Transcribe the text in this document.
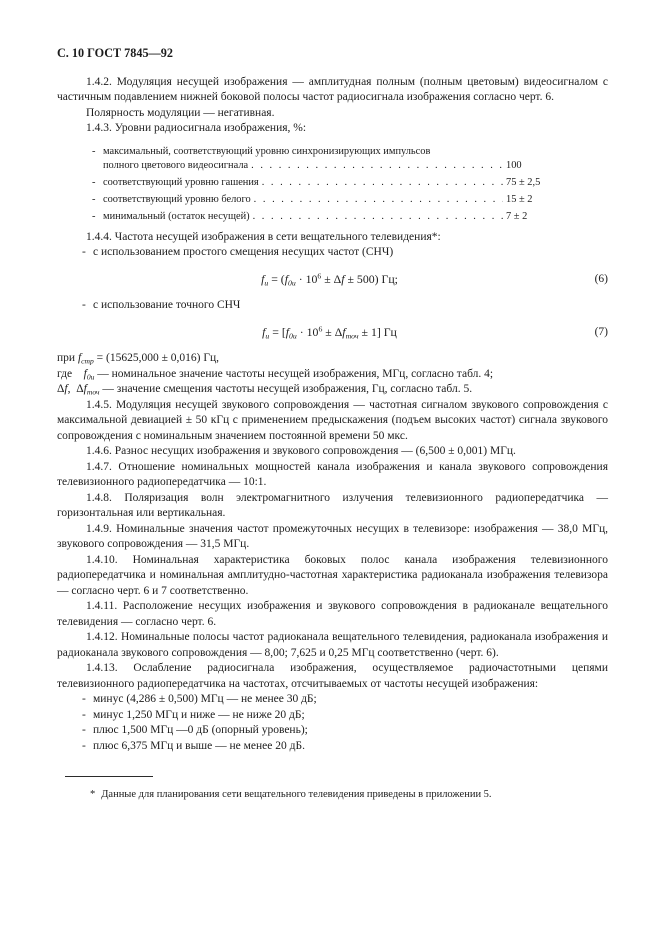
С. 10 ГОСТ 7845—92

1.4.2. Модуляция несущей изображения — амплитудная полным (полным цветовым) видеосигналом с частичным подавлением нижней боковой полосы частот радиосигнала изображения согласно черт. 6.

Полярность модуляции — негативная.

1.4.3. Уровни радиосигнала изображения, %:

- максимальный, соответствующий уровню синхронизирующих импульсов
полного цветового видеосигнала . . .	100
- соответствующий уровню гашения . . .	75 ± 2,5
- соответствующий уровню белого . . .	15 ± 2
- минимальный (остаток несущей) . . .	7 ± 2

1.4.4. Частота несущей изображения в сети вещательного телевидения*:

- с использованием простого смещения несущих частот (СНЧ)
$f_и = (f_{0и} \cdot 10^6 \pm \Delta f \pm 500)$ Гц;	(6)
- с использование точного СНЧ
$f_и = [f_{0и} \cdot 10^6 \pm \Delta f_{точ} \pm 1]$ Гц	(7)

при $f_{стр} = (15625,000 \pm 0,016)$ Гц,

где    $f_{0и}$ — номинальное значение частоты несущей изображения, МГц, согласно табл. 4;

Δf,  $\Delta f_{точ}$ — значение смещения частоты несущей изображения, Гц, согласно табл. 5.

1.4.5. Модуляция несущей звукового сопровождения — частотная сигналом звукового сопровождения с максимальной девиацией ± 50 кГц с применением предыскажения (подъем высоких частот) сигнала звукового сопровождения с номинальным значением постоянной времени 50 мкс.

1.4.6. Разнос несущих изображения и звукового сопровождения — (6,500 ± 0,001) МГц.

1.4.7. Отношение номинальных мощностей канала изображения и канала звукового сопровождения телевизионного радиопередатчика — 10:1.

1.4.8. Поляризация волн электромагнитного излучения телевизионного радиопередатчика — горизонтальная или вертикальная.

1.4.9. Номинальные значения частот промежуточных несущих в телевизоре: изображения — 38,0 МГц, звукового сопровождения — 31,5 МГц.

1.4.10. Номинальная характеристика боковых полос канала изображения телевизионного радиопередатчика и номинальная амплитудно-частотная характеристика радиоканала изображения телевизора — согласно черт. 6 и 7 соответственно.

1.4.11. Расположение несущих изображения и звукового сопровождения в радиоканале вещательного телевидения — согласно черт. 6.

1.4.12. Номинальные полосы частот радиоканала вещательного телевидения, радиоканала изображения и радиоканала звукового сопровождения — 8,00; 7,625 и 0,25 МГц соответственно (черт. 6).

1.4.13. Ослабление радиосигнала изображения, осуществляемое радиочастотными цепями телевизионного радиопередатчика на частотах, отсчитываемых от частоты несущей изображения:

- минус (4,286 ± 0,500) МГц — не менее 30 дБ;
- минус 1,250 МГц и ниже — не ниже 20 дБ;
- плюс 1,500 МГц —0 дБ (опорный уровень);
- плюс 6,375 МГц и выше — не менее 20 дБ.
* Данные для планирования сети вещательного телевидения приведены в приложении 5.
